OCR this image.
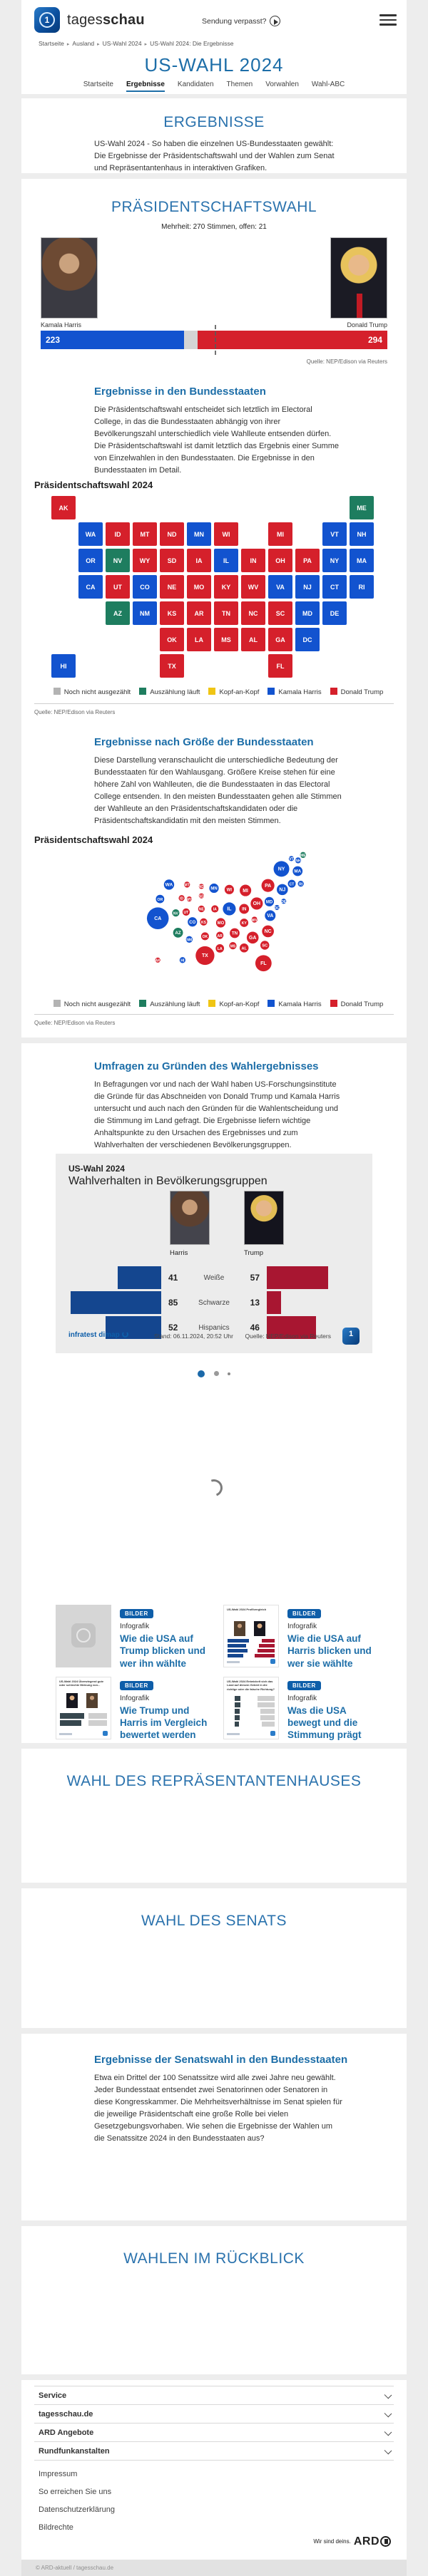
1	tagesschau	Sendung verpasst?
Startseite ▸ Ausland ▸ US-Wahl 2024 ▸ US-Wahl 2024: Die Ergebnisse
US-WAHL 2024
Startseite Ergebnisse Kandidaten Themen Vorwahlen Wahl-ABC
ERGEBNISSE

US-Wahl 2024 - So haben die einzelnen US-Bundesstaaten gewählt: Die Ergebnisse der Präsidentschaftswahl und der Wahlen zum Senat und Repräsentantenhaus in interaktiven Grafiken.

PRÄSIDENTSCHAFTSWAHL
Mehrheit: 270 Stimmen, offen: 21
Kamala Harris	Donald Trump
223	294
Quelle: NEP/Edison via Reuters
Ergebnisse in den Bundesstaaten

Die Präsidentschaftswahl entscheidet sich letztlich im Electoral College, in das die Bundesstaaten abhängig von ihrer Bevölkerungszahl unterschiedlich viele Wahlleute entsenden dürfen. Die Präsidentschaftswahl ist damit letztlich das Ergebnis einer Summe von Einzelwahlen in den Bundesstaaten. Die Ergebnisse in den Bundesstaaten im Detail.

Präsidentschaftswahl 2024
AK
AL
AR
AZ
CA	CO	CT
DC
DE
FL
GA
HI
IA
ID
IL	IN
KS
KY
LA
MA
MD
ME
MI
MN
MO
MS
MT
NC
ND
NE
NH
NJ
NM
NV	NY
OH
OK
OR	PA
RI
SC
SD
TN
TX
UT	VA
VT
WA	WI
WV
WY
Noch nicht ausgezählt	Auszählung läuft	Kopf-an-Kopf	Kamala Harris	Donald Trump
Quelle: NEP/Edison via Reuters
Ergebnisse nach Größe der Bundesstaaten

Diese Darstellung veranschaulicht die unterschiedliche Bedeutung der Bundesstaaten für den Wahlausgang. Größere Kreise stehen für eine höhere Zahl von Wahlleuten, die die Bundesstaaten in das Electoral College entsenden. In den meisten Bundesstaaten gehen alle Stimmen der Wahlleute an den Präsidentschaftskandidaten oder die Präsidentschaftskandidatin mit den meisten Stimmen.

Präsidentschaftswahl 2024
CA
TX
FL
NY
IL
PA
OH
GA
NC
MI	NJ
VA
WA
AZ
IN
MA
TN
CO
MD
MN
MO
WI
AL
SC
KY
LA
OR
CT
OK AR
IA
KS
MS
NV UT
NE
NM
HI
ID
ME
MT
NH
RI
WV
AK
DC
DE
ND
SD
VT
WY
Noch nicht ausgezählt	Auszählung läuft	Kopf-an-Kopf	Kamala Harris	Donald Trump
Quelle: NEP/Edison via Reuters
Umfragen zu Gründen des Wahlergebnisses

In Befragungen vor und nach der Wahl haben US-Forschungsinstitute die Gründe für das Abschneiden von Donald Trump und Kamala Harris untersucht und auch nach den Gründen für die Wahlentscheidung und die Stimmung im Land gefragt. Die Ergebnisse liefern wichtige Anhaltspunkte zu den Ursachen des Ergebnisses und zum Wahlverhalten der verschiedenen Bevölkerungsgruppen.

US-Wahl 2024
Wahlverhalten in Bevölkerungsgruppen
Harris	Trump
41	Weiße	57
85	Schwarze	13
52	Hispanics	46
infratest dimap	Stand: 06.11.2024, 20:52 Uhr Quelle: NEP/Edison via Reuters
1

BILDER
Infografik
Wie die USA auf Trump blicken und wer ihn wählte
US-Wahl 2024 Profilvergleich
BILDER
Infografik
Wie die USA auf Harris blicken und wer sie wählte
US-Wahl 2024 Überwiegend gute oder schlechte Meinung von...	BILDER
Infografik
Wie Trump und Harris im Vergleich bewertet werden
US-Wahl 2024 Entwickelt sich das Land auf diesem Gebiet in die richtige oder die falsche Richtung?
BILDER
Infografik
Was die USA bewegt und die Stimmung prägt
WAHL DES REPRÄSENTANTENHAUSES
WAHL DES SENATS
Ergebnisse der Senatswahl in den Bundesstaaten

Etwa ein Drittel der 100 Senatssitze wird alle zwei Jahre neu gewählt. Jeder Bundesstaat entsendet zwei Senatorinnen oder Senatoren in diese Kongresskammer. Die Mehrheitsverhältnisse im Senat spielen für die jeweilige Präsidentschaft eine große Rolle bei vielen Gesetzgebungsvorhaben. Wie sehen die Ergebnisse der Wahlen um die Senatssitze 2024 in den Bundesstaaten aus?

WAHLEN IM RÜCKBLICK
Service
tagesschau.de
ARD Angebote
Rundfunkanstalten
Impressum
So erreichen Sie uns
Datenschutzerklärung
Bildrechte
Wir sind deins. ARD
© ARD-aktuell / tagesschau.de
